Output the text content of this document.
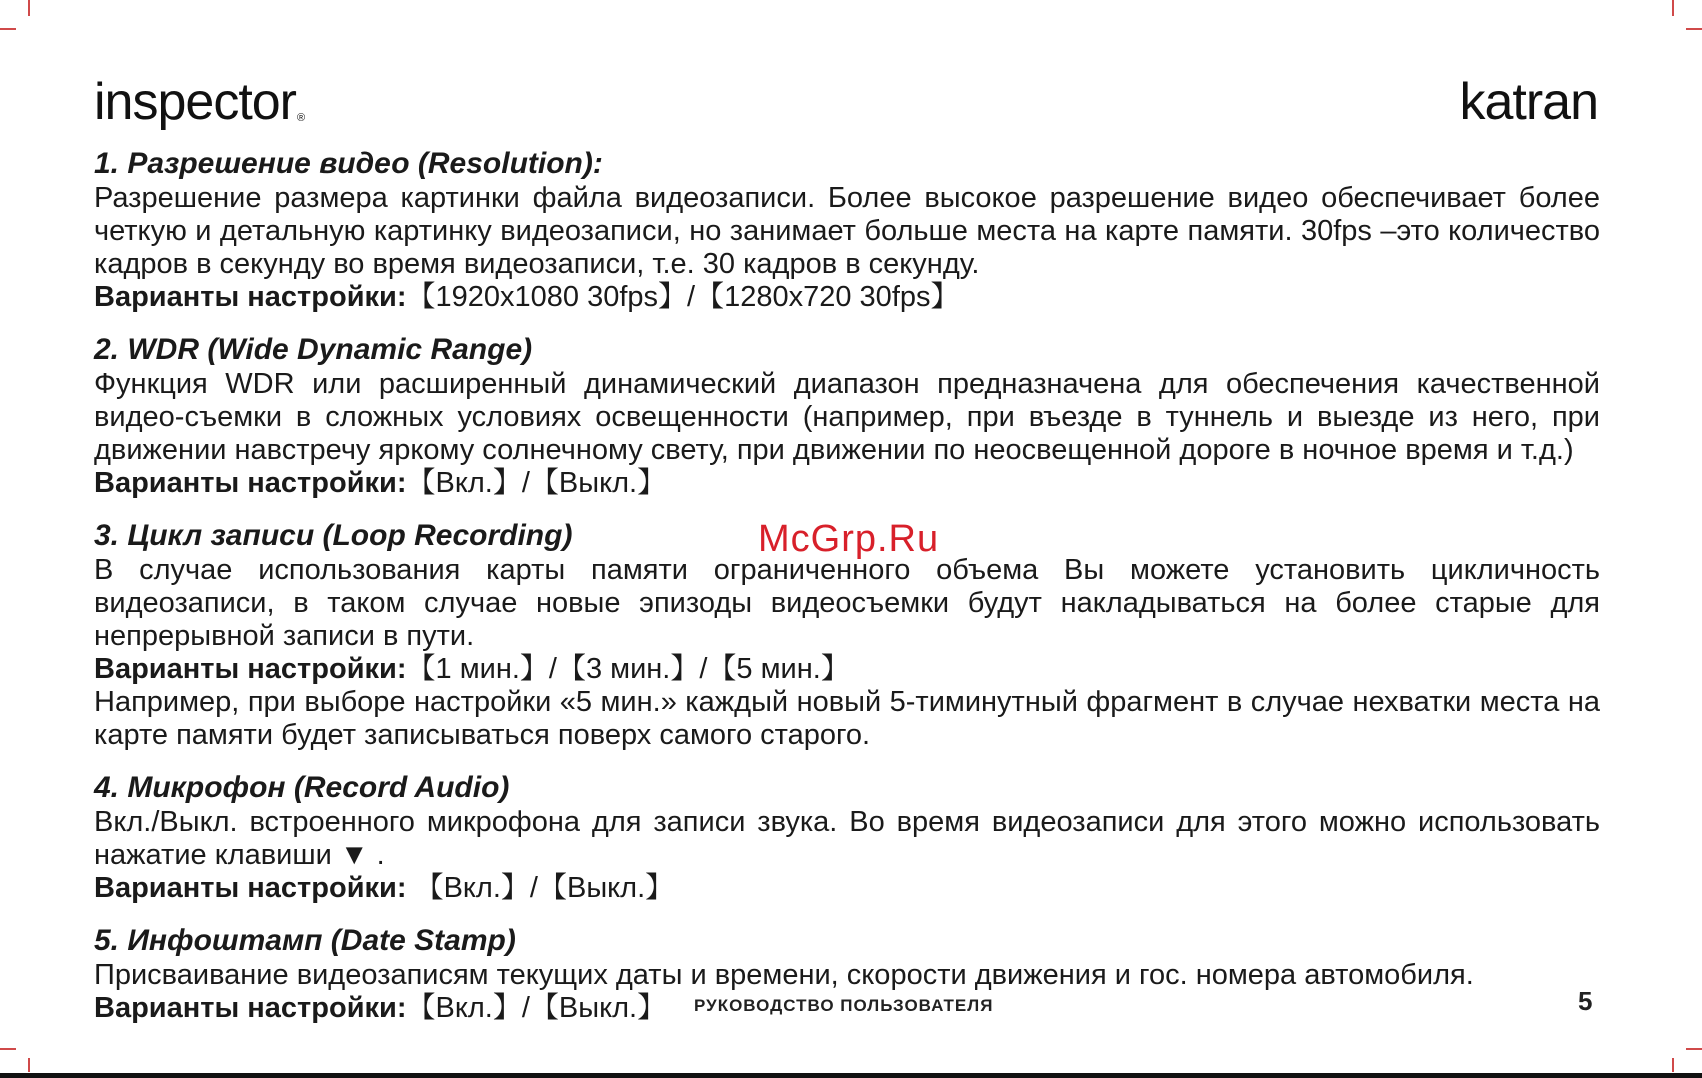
inspector®	katran
1. Разрешение видео (Resolution):
Разрешение размера картинки файла видеозаписи. Более высокое разрешение видео обеспечивает более четкую и детальную картинку видеозаписи, но занимает больше места на карте памяти. 30fps –это количество кадров в секунду во время видеозаписи, т.е. 30 кадров в секунду.
Варианты настройки:【1920x1080 30fps】/【1280x720 30fps】
2. WDR (Wide Dynamic Range)
Функция WDR или расширенный динамический диапазон предназначена для обеспечения качественной видео-съемки в сложных условиях освещенности (например, при въезде в туннель и выезде из него, при движении навстречу яркому солнечному свету, при движении по неосвещенной дороге в ночное время и т.д.)
Варианты настройки:【Вкл.】/【Выкл.】
3. Цикл записи (Loop Recording)
В случае использования карты памяти ограниченного объема Вы можете установить цикличность видеозаписи, в таком случае новые эпизоды видеосъемки будут накладываться на более старые для непрерывной записи в пути.
Варианты настройки:【1 мин.】/【3 мин.】/【5 мин.】
Например, при выборе настройки «5 мин.» каждый новый 5-тиминутный фрагмент в случае нехватки места на карте памяти будет записываться поверх самого старого.
4. Микрофон (Record Audio)
Вкл./Выкл. встроенного микрофона для записи звука. Во время видеозаписи для этого можно использовать нажатие клавиши ▼ .
Варианты настройки: 【Вкл.】/【Выкл.】
5. Инфоштамп (Date Stamp)
Присваивание видеозаписям текущих даты и времени, скорости движения и гос. номера автомобиля.
Варианты настройки:【Вкл.】/【Выкл.】
McGrp.Ru
РУКОВОДСТВО ПОЛЬЗОВАТЕЛЯ	5
